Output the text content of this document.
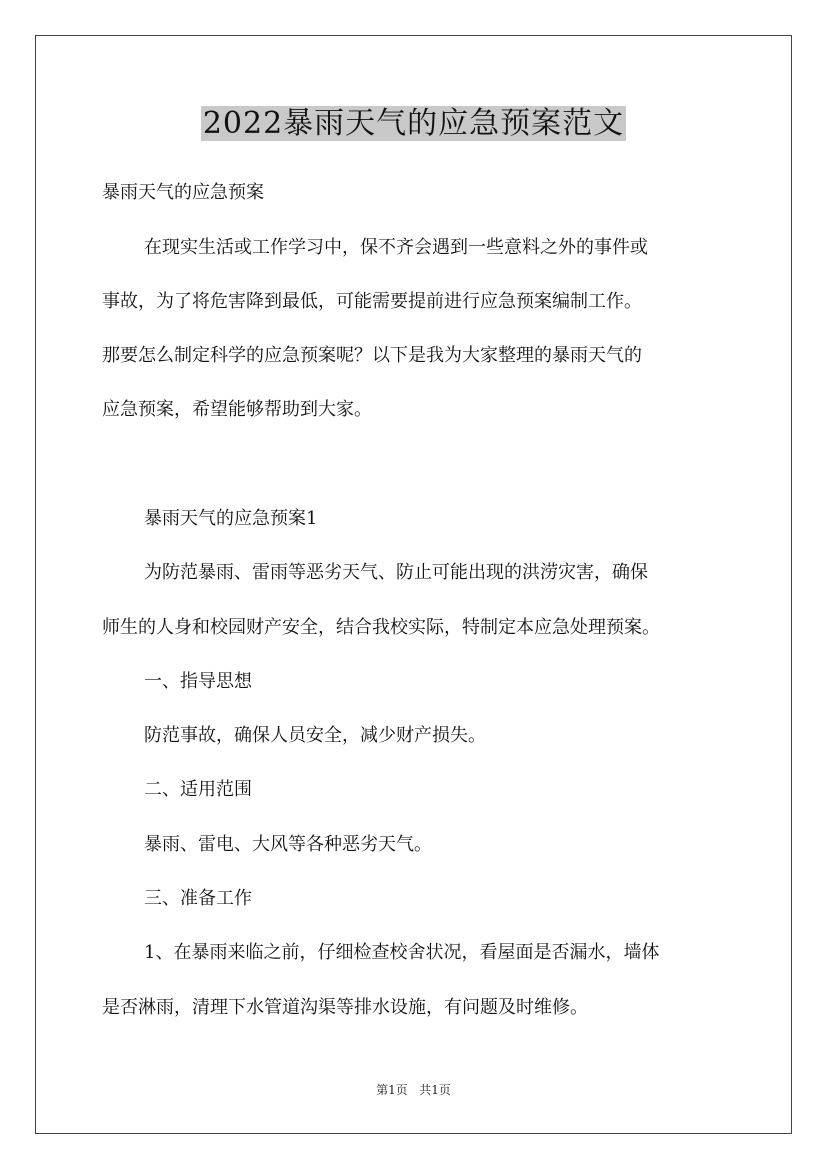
2022暴雨天气的应急预案范文

暴雨天气的应急预案

在现实生活或工作学习中，保不齐会遇到一些意料之外的事件或

事故，为了将危害降到最低，可能需要提前进行应急预案编制工作。

那要怎么制定科学的应急预案呢？以下是我为大家整理的暴雨天气的

应急预案，希望能够帮助到大家。

暴雨天气的应急预案1

为防范暴雨、雷雨等恶劣天气、防止可能出现的洪涝灾害，确保

师生的人身和校园财产安全，结合我校实际，特制定本应急处理预案。

一、指导思想

防范事故，确保人员安全，减少财产损失。

二、适用范围

暴雨、雷电、大风等各种恶劣天气。

三、准备工作

1、在暴雨来临之前，仔细检查校舍状况，看屋面是否漏水，墙体

是否淋雨，清理下水管道沟渠等排水设施，有问题及时维修。

第1页 共1页
